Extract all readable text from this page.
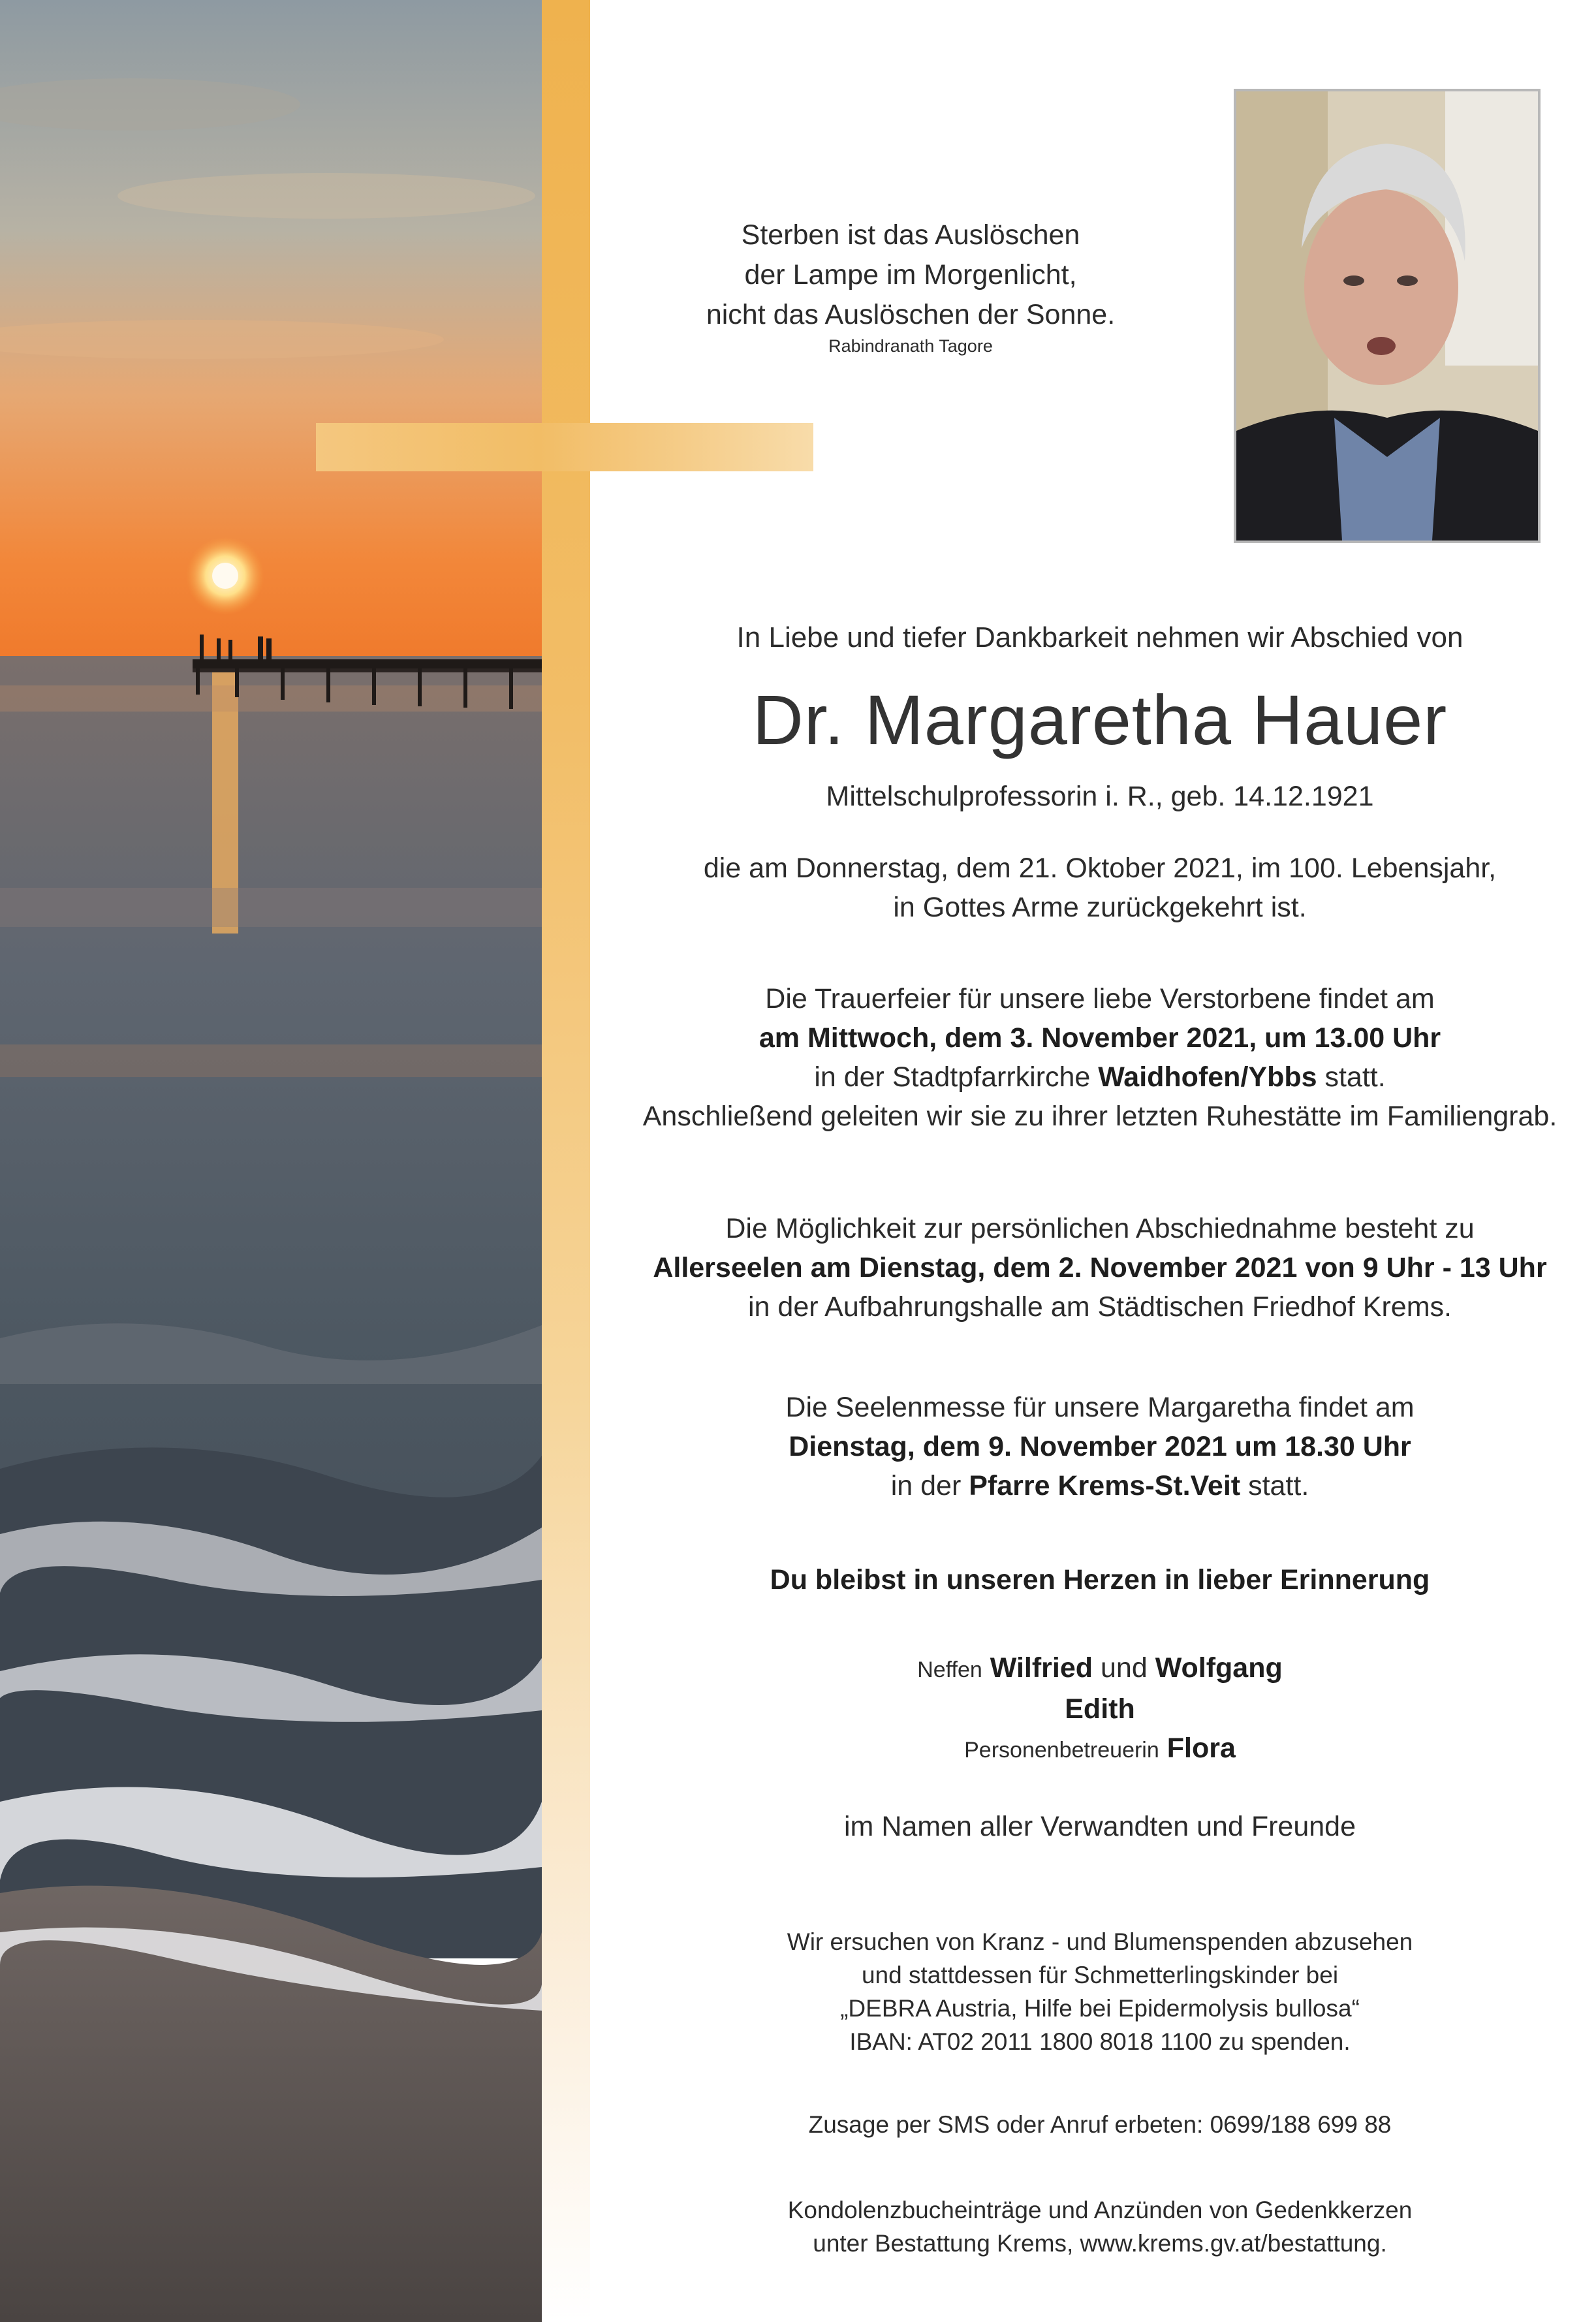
Sterben ist das Auslöschen
der Lampe im Morgenlicht,
nicht das Auslöschen der Sonne.
Rabindranath Tagore
In Liebe und tiefer Dankbarkeit nehmen wir Abschied von
Dr. Margaretha Hauer
Mittelschulprofessorin i. R., geb. 14.12.1921
die am Donnerstag, dem 21. Oktober 2021, im 100. Lebensjahr,
in Gottes Arme zurückgekehrt ist.
Die Trauerfeier für unsere liebe Verstorbene findet am
am Mittwoch, dem 3. November 2021, um 13.00 Uhr
in der Stadtpfarrkirche Waidhofen/Ybbs statt.
Anschließend geleiten wir sie zu ihrer letzten Ruhestätte im Familiengrab.
Die Möglichkeit zur persönlichen Abschiednahme besteht zu
Allerseelen am Dienstag, dem 2. November 2021 von 9 Uhr - 13 Uhr
in der Aufbahrungshalle am Städtischen Friedhof Krems.
Die Seelenmesse für unsere Margaretha findet am
Dienstag, dem 9. November 2021 um 18.30 Uhr
in der Pfarre Krems-St.Veit statt.
Du bleibst in unseren Herzen in lieber Erinnerung
Neffen Wilfried und Wolfgang
Edith
Personenbetreuerin Flora
im Namen aller Verwandten und Freunde
Wir ersuchen von Kranz - und Blumenspenden abzusehen
und stattdessen für Schmetterlingskinder bei
„DEBRA Austria, Hilfe bei Epidermolysis bullosa“
IBAN: AT02 2011 1800 8018 1100 zu spenden.
Zusage per SMS oder Anruf erbeten: 0699/188 699 88
Kondolenzbucheinträge und Anzünden von Gedenkkerzen
unter Bestattung Krems, www.krems.gv.at/bestattung.
